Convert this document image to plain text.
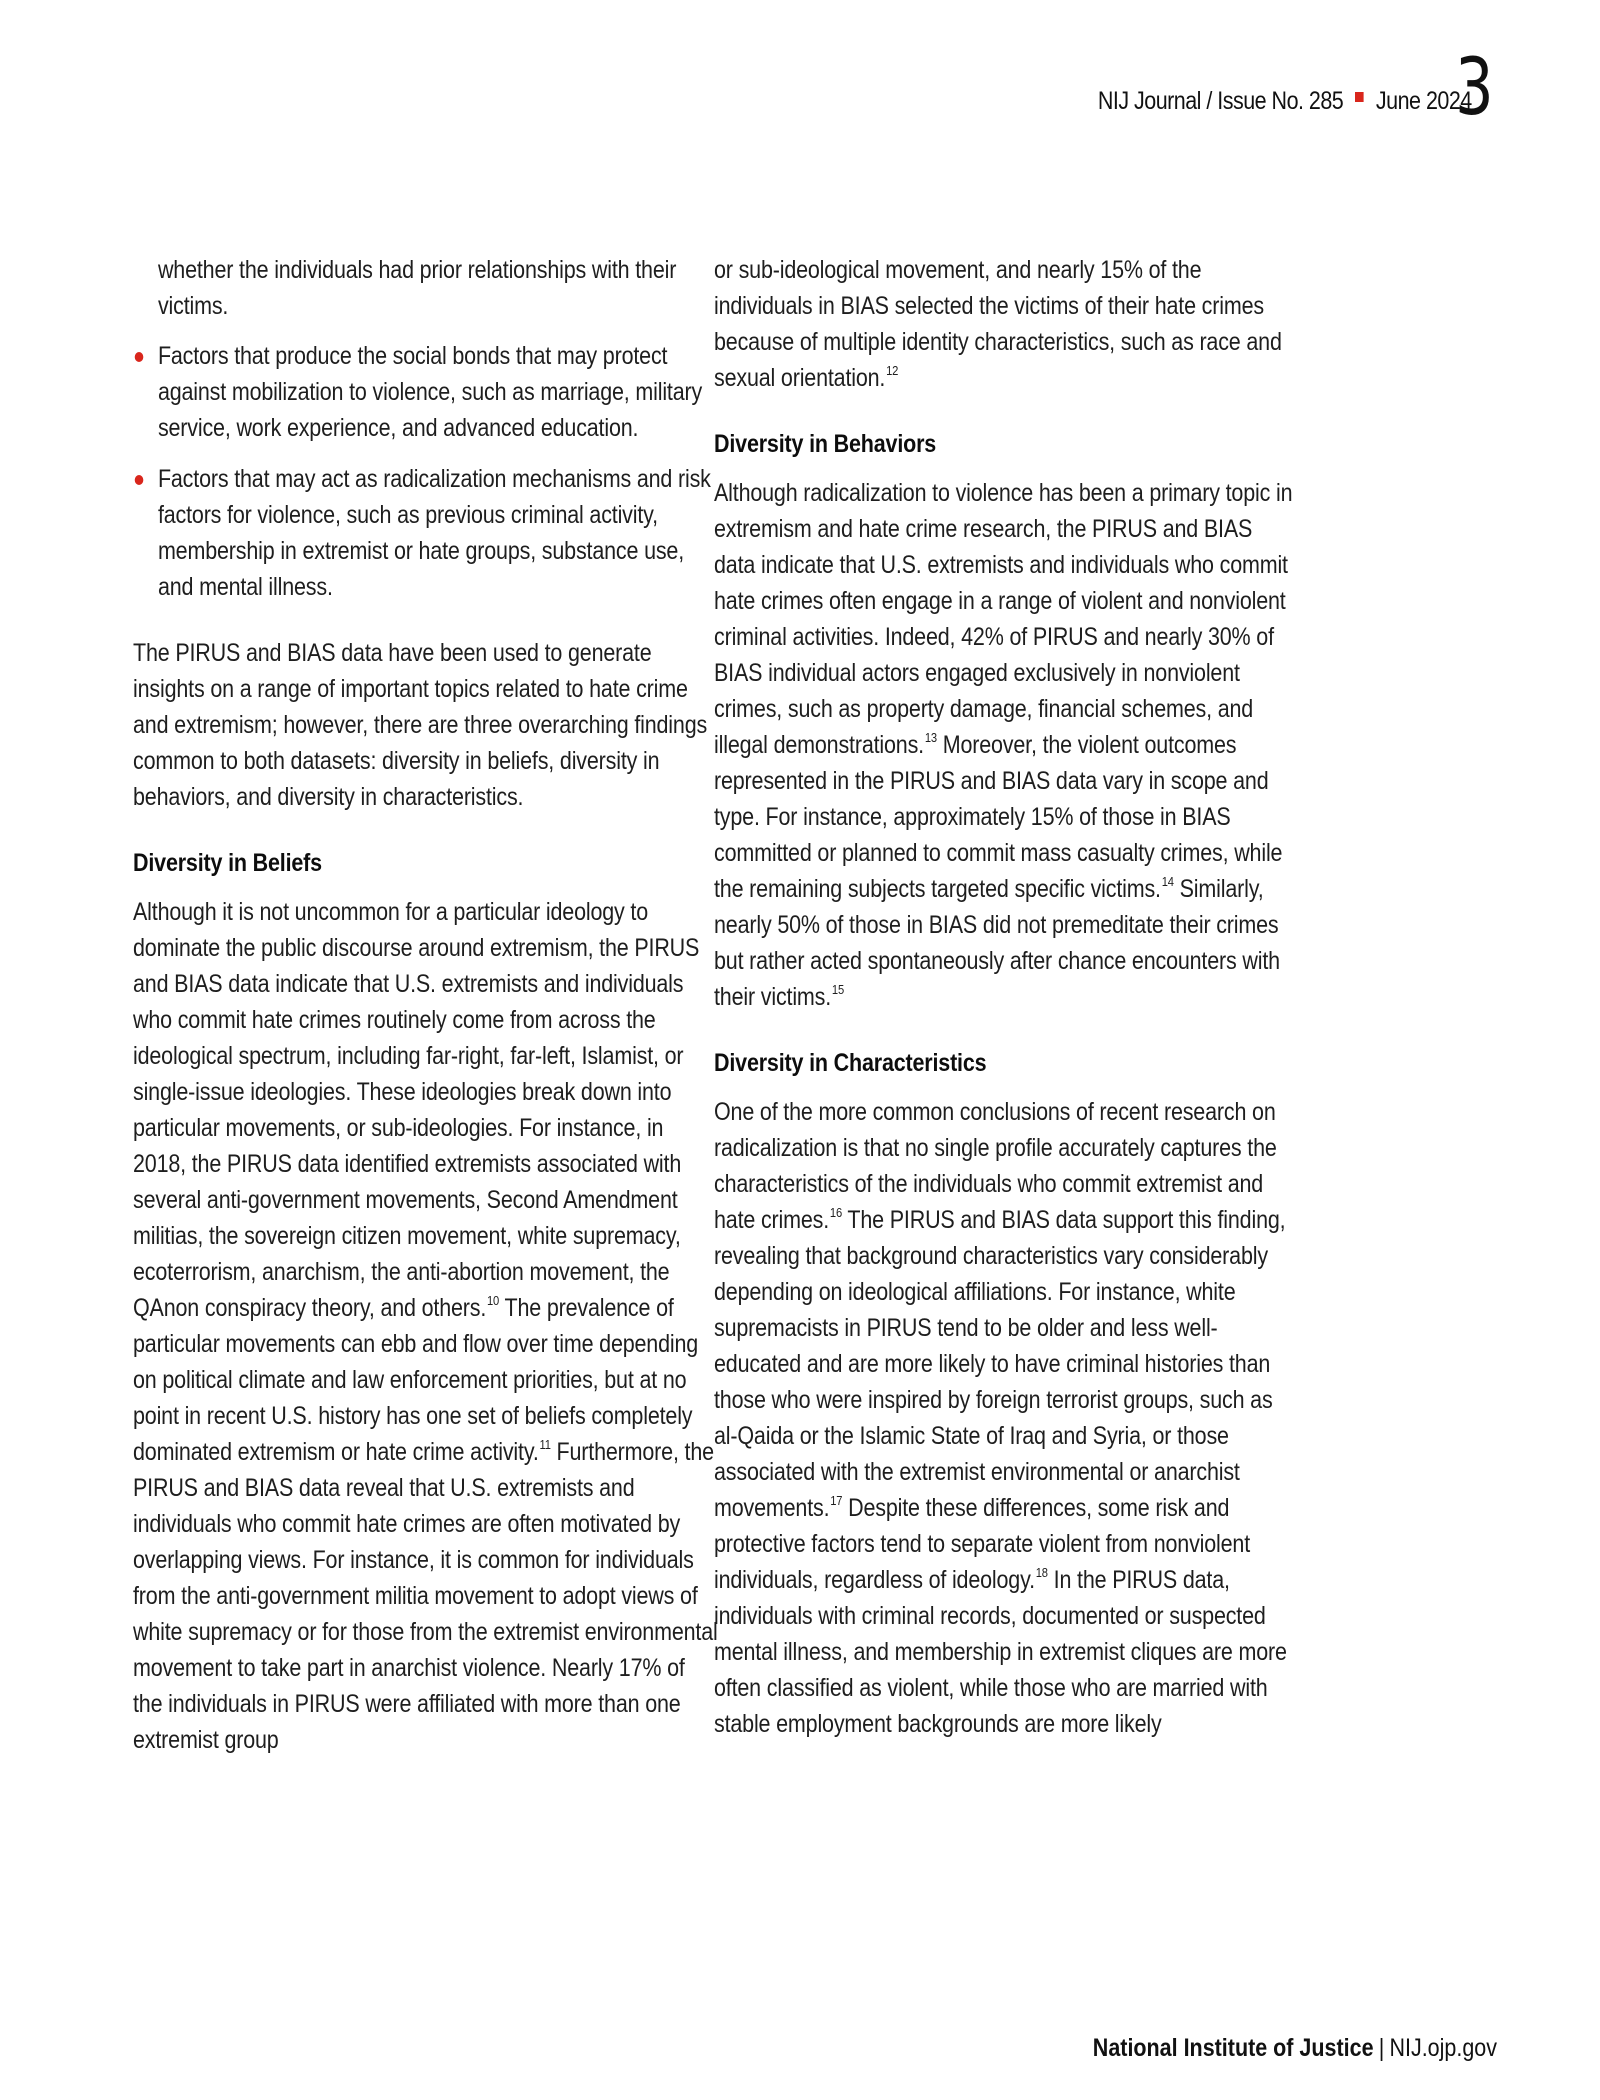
NIJ Journal / Issue No. 285 June 2024
3

whether the individuals had prior relationships with their victims.

Factors that produce the social bonds that may protect against mobilization to violence, such as marriage, military service, work experience, and advanced education.
Factors that may act as radicalization mechanisms and risk factors for violence, such as previous criminal activity, membership in extremist or hate groups, substance use, and mental illness.

The PIRUS and BIAS data have been used to generate insights on a range of important topics related to hate crime and extremism; however, there are three overarching findings common to both datasets: diversity in beliefs, diversity in behaviors, and diversity in characteristics.

Diversity in Beliefs

Although it is not uncommon for a particular ideology to dominate the public discourse around extremism, the PIRUS and BIAS data indicate that U.S. extremists and individuals who commit hate crimes routinely come from across the ideological spectrum, including far-right, far-left, Islamist, or single-issue ideologies. These ideologies break down into particular movements, or sub-ideologies. For instance, in 2018, the PIRUS data identified extremists associated with several anti-government movements, Second Amendment militias, the sovereign citizen movement, white supremacy, ecoterrorism, anarchism, the anti-abortion movement, the QAnon conspiracy theory, and others.$^{10}$ The prevalence of particular movements can ebb and flow over time depending on political climate and law enforcement priorities, but at no point in recent U.S. history has one set of beliefs completely dominated extremism or hate crime activity.$^{11}$ Furthermore, the PIRUS and BIAS data reveal that U.S. extremists and individuals who commit hate crimes are often motivated by overlapping views. For instance, it is common for individuals from the anti-government militia movement to adopt views of white supremacy or for those from the extremist environmental movement to take part in anarchist violence. Nearly 17% of the individuals in PIRUS were affiliated with more than one extremist group

or sub-ideological movement, and nearly 15% of the individuals in BIAS selected the victims of their hate crimes because of multiple identity characteristics, such as race and sexual orientation.$^{12}$

Diversity in Behaviors

Although radicalization to violence has been a primary topic in extremism and hate crime research, the PIRUS and BIAS data indicate that U.S. extremists and individuals who commit hate crimes often engage in a range of violent and nonviolent criminal activities. Indeed, 42% of PIRUS and nearly 30% of BIAS individual actors engaged exclusively in nonviolent crimes, such as property damage, financial schemes, and illegal demonstrations.$^{13}$ Moreover, the violent outcomes represented in the PIRUS and BIAS data vary in scope and type. For instance, approximately 15% of those in BIAS committed or planned to commit mass casualty crimes, while the remaining subjects targeted specific victims.$^{14}$ Similarly, nearly 50% of those in BIAS did not premeditate their crimes but rather acted spontaneously after chance encounters with their victims.$^{15}$

Diversity in Characteristics

One of the more common conclusions of recent research on radicalization is that no single profile accurately captures the characteristics of the individuals who commit extremist and hate crimes.$^{16}$ The PIRUS and BIAS data support this finding, revealing that background characteristics vary considerably depending on ideological affiliations. For instance, white supremacists in PIRUS tend to be older and less well-educated and are more likely to have criminal histories than those who were inspired by foreign terrorist groups, such as al-Qaida or the Islamic State of Iraq and Syria, or those associated with the extremist environmental or anarchist movements.$^{17}$ Despite these differences, some risk and protective factors tend to separate violent from nonviolent individuals, regardless of ideology.$^{18}$ In the PIRUS data, individuals with criminal records, documented or suspected mental illness, and membership in extremist cliques are more often classified as violent, while those who are married with stable employment backgrounds are more likely

National Institute of Justice | NIJ.ojp.gov
